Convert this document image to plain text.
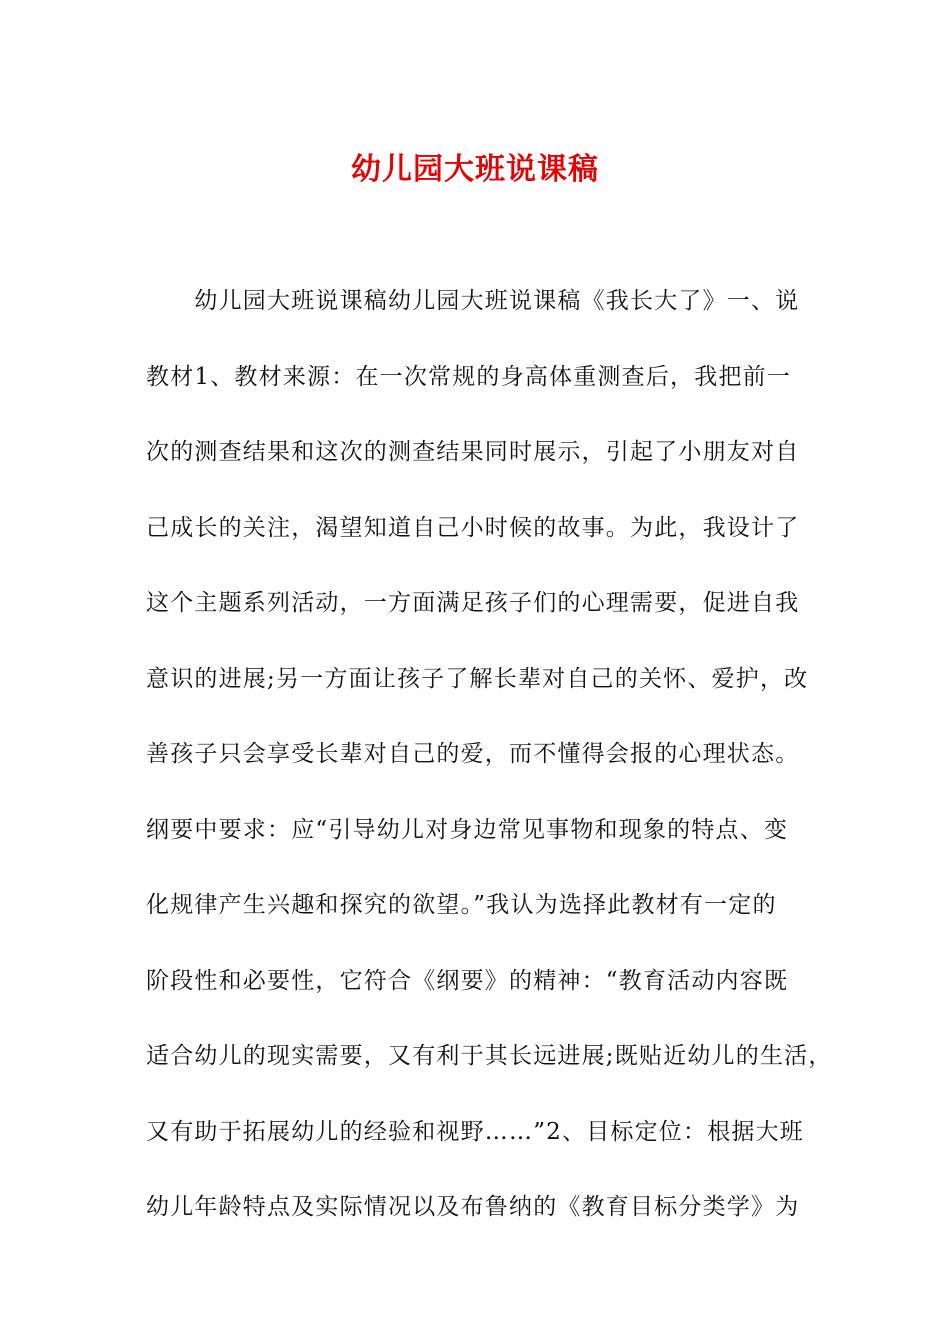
幼儿园大班说课稿
　　幼儿园大班说课稿幼儿园大班说课稿《我长大了》一、说
教材1、教材来源：在一次常规的身高体重测查后，我把前一
次的测查结果和这次的测查结果同时展示，引起了小朋友对自
己成长的关注，渴望知道自己小时候的故事。为此，我设计了
这个主题系列活动，一方面满足孩子们的心理需要，促进自我
意识的进展;另一方面让孩子了解长辈对自己的关怀、爱护，改
善孩子只会享受长辈对自己的爱，而不懂得会报的心理状态。
纲要中要求：应“引导幼儿对身边常见事物和现象的特点、变
化规律产生兴趣和探究的欲望。”我认为选择此教材有一定的
阶段性和必要性，它符合《纲要》的精神：“教育活动内容既
适合幼儿的现实需要，又有利于其长远进展;既贴近幼儿的生活，
又有助于拓展幼儿的经验和视野……”2、目标定位：根据大班
幼儿年龄特点及实际情况以及布鲁纳的《教育目标分类学》为
